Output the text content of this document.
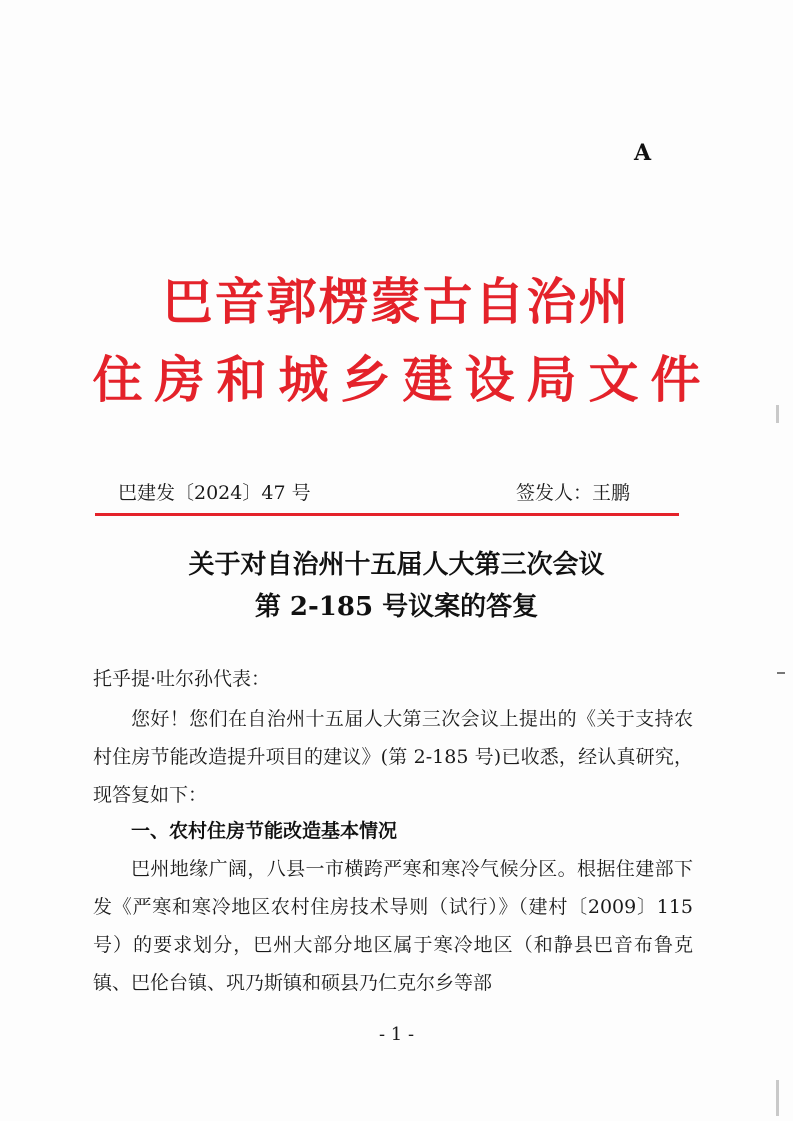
A
巴音郭楞蒙古自治州
住房和城乡建设局文件
巴建发〔2024〕47 号	签发人：王鹏
关于对自治州十五届人大第三次会议
第 2-185 号议案的答复
托乎提·吐尔孙代表：
您好！您们在自治州十五届人大第三次会议上提出的《关于支持农村住房节能改造提升项目的建议》(第 2-185 号)已收悉，经认真研究，现答复如下：
一、农村住房节能改造基本情况
巴州地缘广阔，八县一市横跨严寒和寒冷气候分区。根据住建部下发《严寒和寒冷地区农村住房技术导则（试行）》（建村〔2009〕115 号）的要求划分，巴州大部分地区属于寒冷地区（和静县巴音布鲁克镇、巴伦台镇、巩乃斯镇和硕县乃仁克尔乡等部
- 1 -
